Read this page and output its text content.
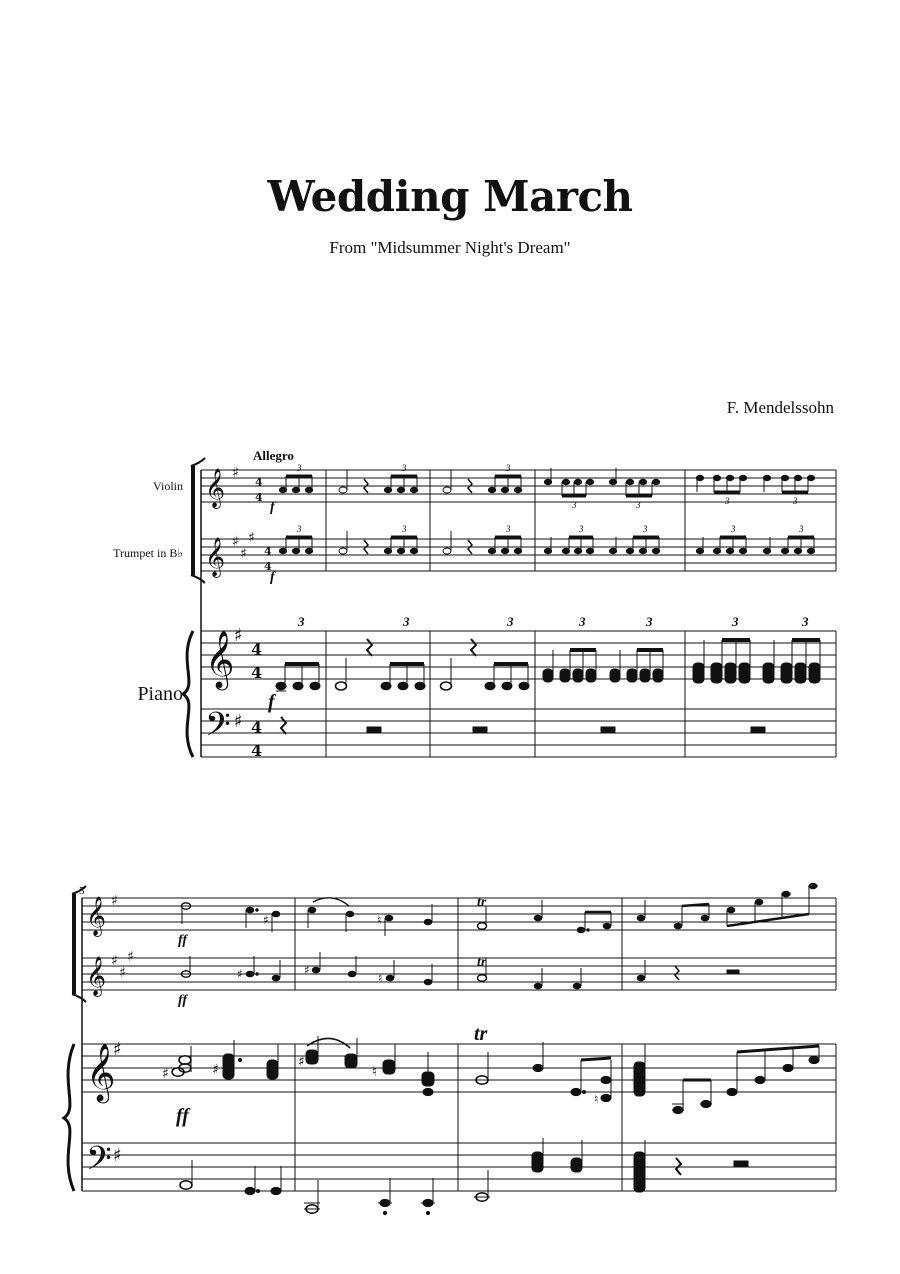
Wedding March
From "Midsummer Night's Dream"
F. Mendelssohn
𝄞
𝄞
𝄞
𝄢
♯
♯
♯
♯
♯
♯
4
4
4
4
4
4
4
4
𝄞
𝄞
𝄞
𝄢
♯
♯
♯
♯
♯
♯
♯	♮
♯	♯
♮
♯	♯	♯
♮
♮
Allegro
Violin
Trumpet in B♭
Piano
f
f
f
ff
ff
ff
tr
tr
tr
5
3	3	3
3	3	3	3
3	3	3	3	3	3	3
3	3	3	3	3	3	3
